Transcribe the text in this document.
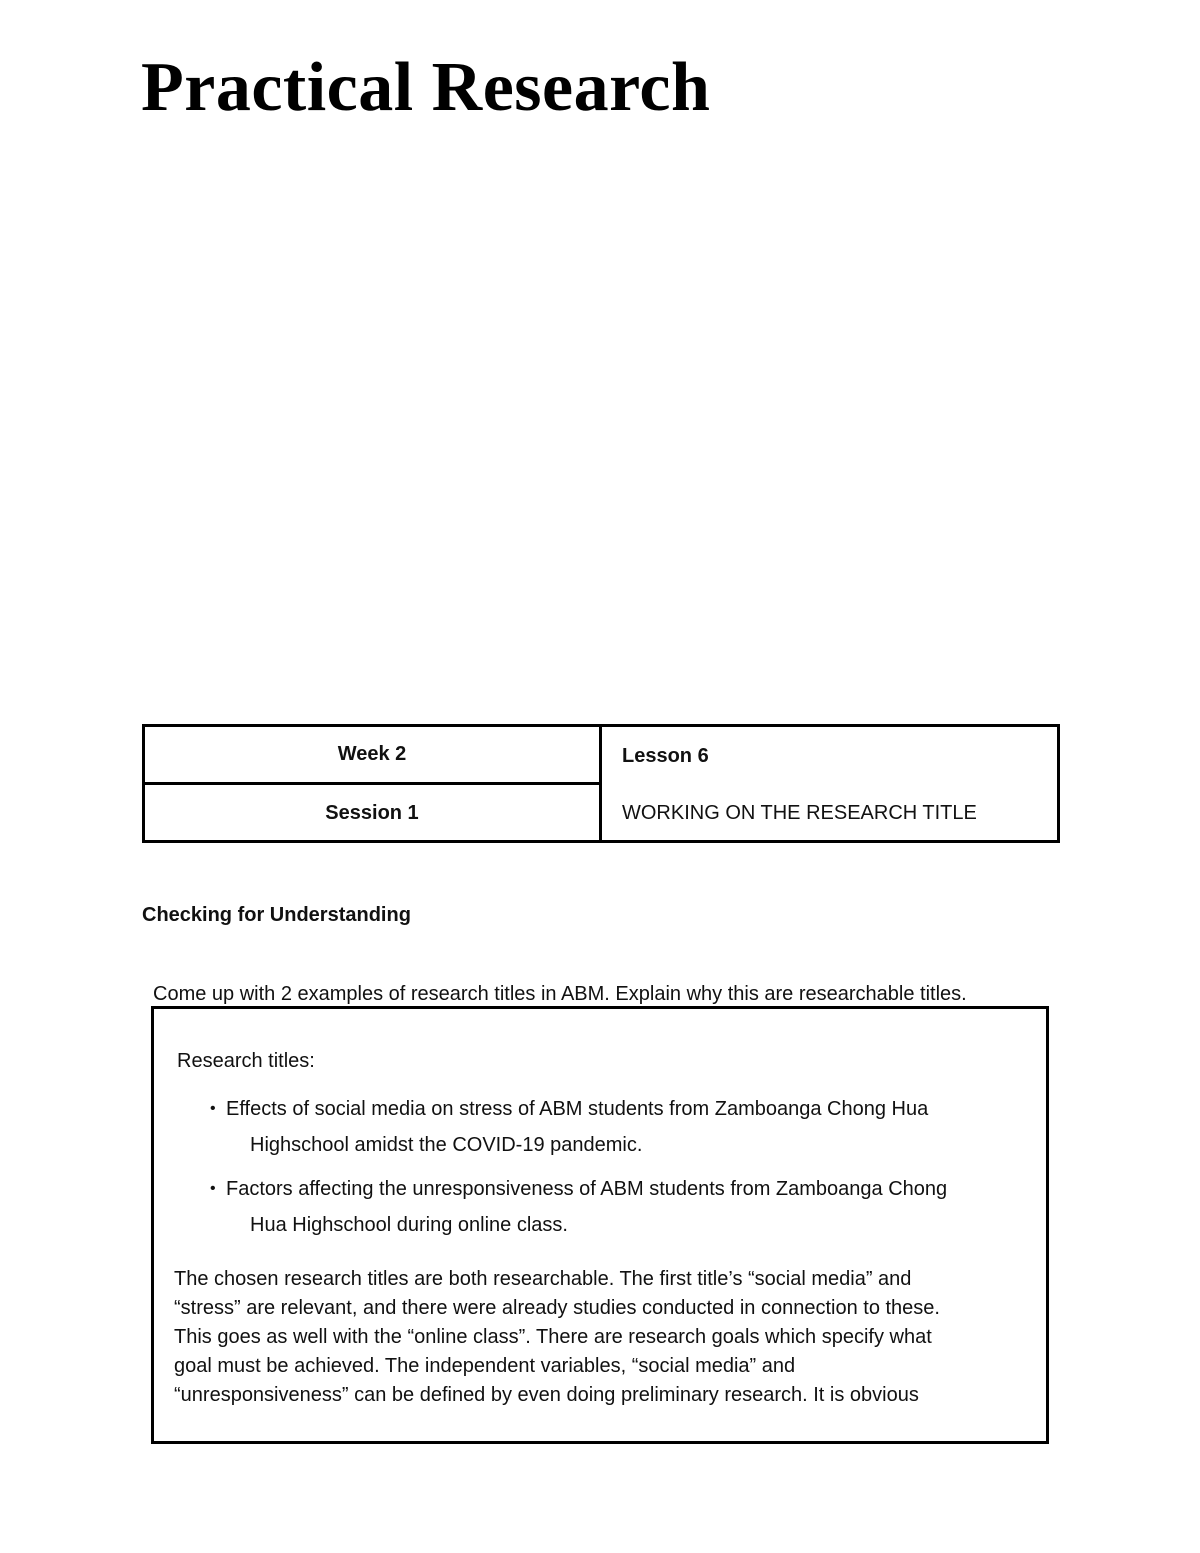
Practical Research
Week 2
Session 1
Lesson 6
WORKING ON THE RESEARCH TITLE
Checking for Understanding

Come up with 2 examples of research titles in ABM. Explain why this are researchable titles.

Research titles:

• Effects of social media on stress of ABM students from Zamboanga Chong Hua
Highschool amidst the COVID-19 pandemic.
• Factors affecting the unresponsiveness of ABM students from Zamboanga Chong
Hua Highschool during online class.

The chosen research titles are both researchable. The first title’s “social media” and
“stress” are relevant, and there were already studies conducted in connection to these.
This goes as well with the “online class”. There are research goals which specify what
goal must be achieved. The independent variables, “social media” and
“unresponsiveness” can be defined by even doing preliminary research. It is obvious
